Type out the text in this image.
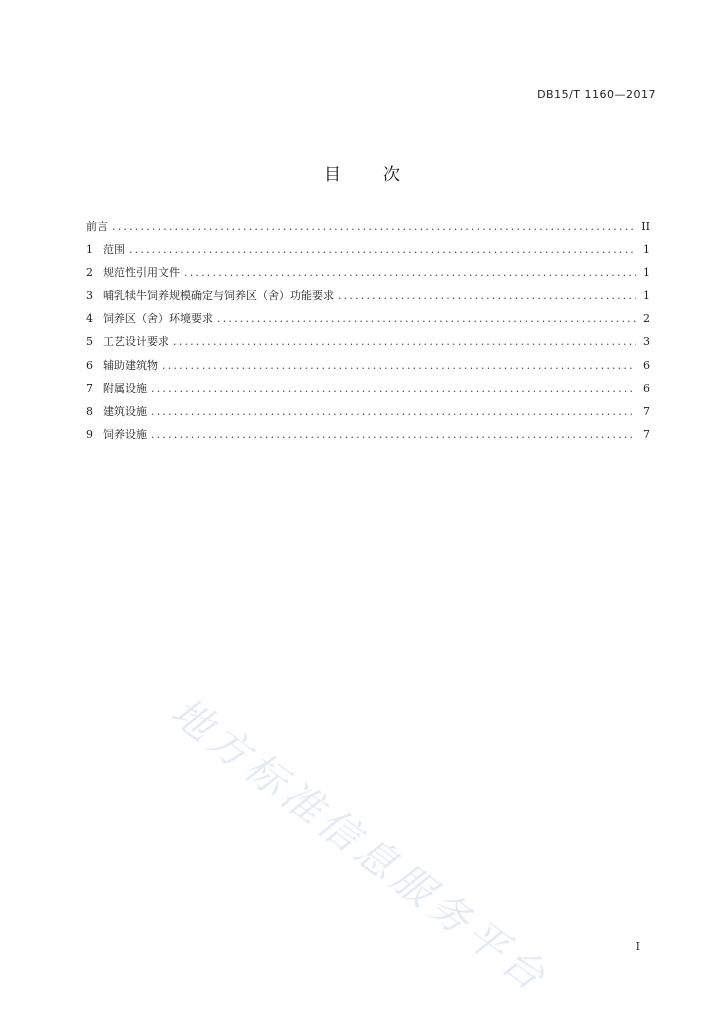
DB15/T 1160—2017
目次
前言 .....	II
1 范围 .....	1
2 规范性引用文件 .....	1
3 哺乳犊牛饲养规模确定与饲养区（舍）功能要求 .....	1
4 饲养区（舍）环境要求 .....	2
5 工艺设计要求 .....	3
6 辅助建筑物 .....	6
7 附属设施 .....	6
8 建筑设施 .....	7
9 饲养设施 .....	7
地方标准信息服务平台	I
